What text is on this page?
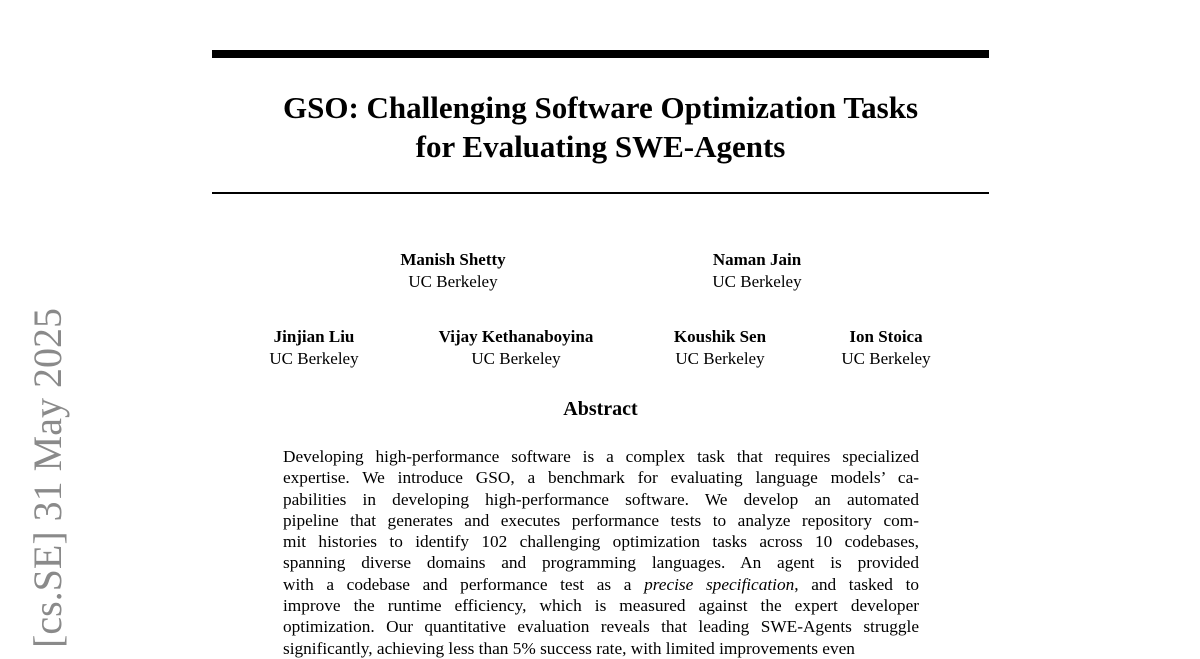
GSO: Challenging Software Optimization Tasks
for Evaluating SWE-Agents
Manish Shetty
UC Berkeley
Naman Jain
UC Berkeley
Jinjian Liu
UC Berkeley
Vijay Kethanaboyina
UC Berkeley
Koushik Sen
UC Berkeley
Ion Stoica
UC Berkeley
Abstract
Developing high-performance software is a complex task that requires specialized
expertise. We introduce GSO, a benchmark for evaluating language models’ ca-
pabilities in developing high-performance software. We develop an automated
pipeline that generates and executes performance tests to analyze repository com-
mit histories to identify 102 challenging optimization tasks across 10 codebases,
spanning diverse domains and programming languages. An agent is provided
with a codebase and performance test as a precise specification, and tasked to
improve the runtime efficiency, which is measured against the expert developer
optimization. Our quantitative evaluation reveals that leading SWE-Agents struggle
significantly, achieving less than 5% success rate, with limited improvements even
[cs.SE] 31 May 2025
